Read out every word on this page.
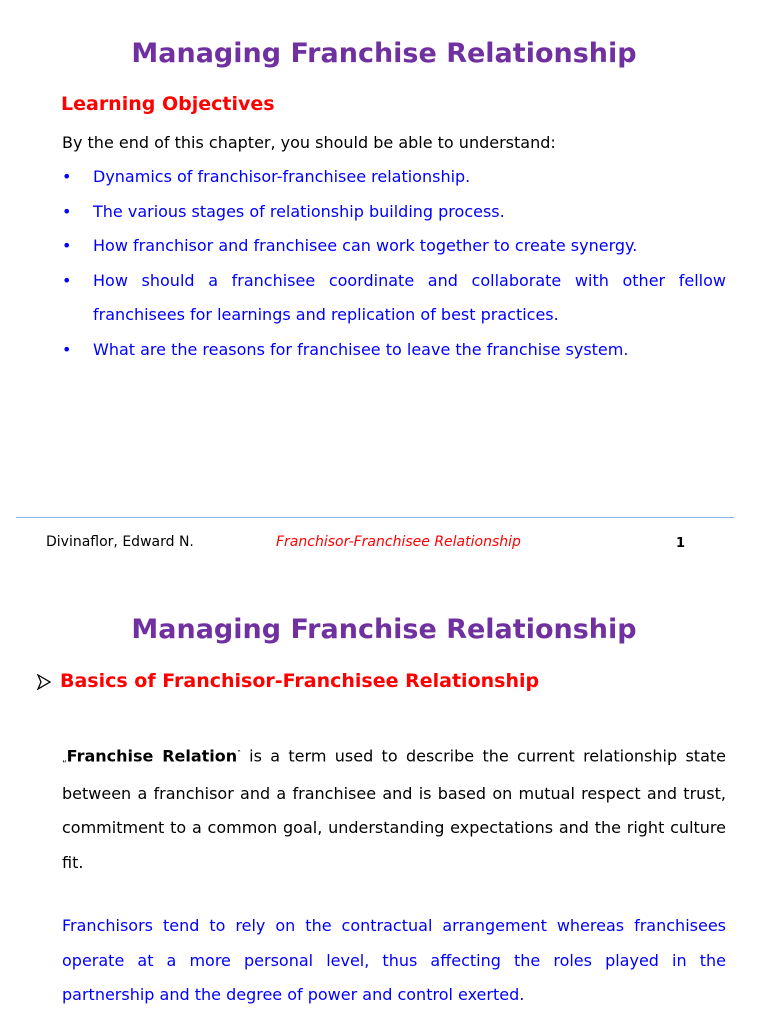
Managing Franchise Relationship
Learning Objectives
By the end of this chapter, you should be able to understand:
• Dynamics of franchisor-franchisee relationship.
• The various stages of relationship building process.
• How franchisor and franchisee can work together to create synergy.
• How should a franchisee coordinate and collaborate with other fellow franchisees for learnings and replication of best practices.
• What are the reasons for franchisee to leave the franchise system.
Divinaflor, Edward N.	Franchisor-Franchisee Relationship	1
Managing Franchise Relationship
Basics of Franchisor-Franchisee Relationship

„Franchise Relation‟ is a term used to describe the current relationship state between a franchisor and a franchisee and is based on mutual respect and trust, commitment to a common goal, understanding expectations and the right culture fit.

Franchisors tend to rely on the contractual arrangement whereas franchisees operate at a more personal level, thus affecting the roles played in the partnership and the degree of power and control exerted.
